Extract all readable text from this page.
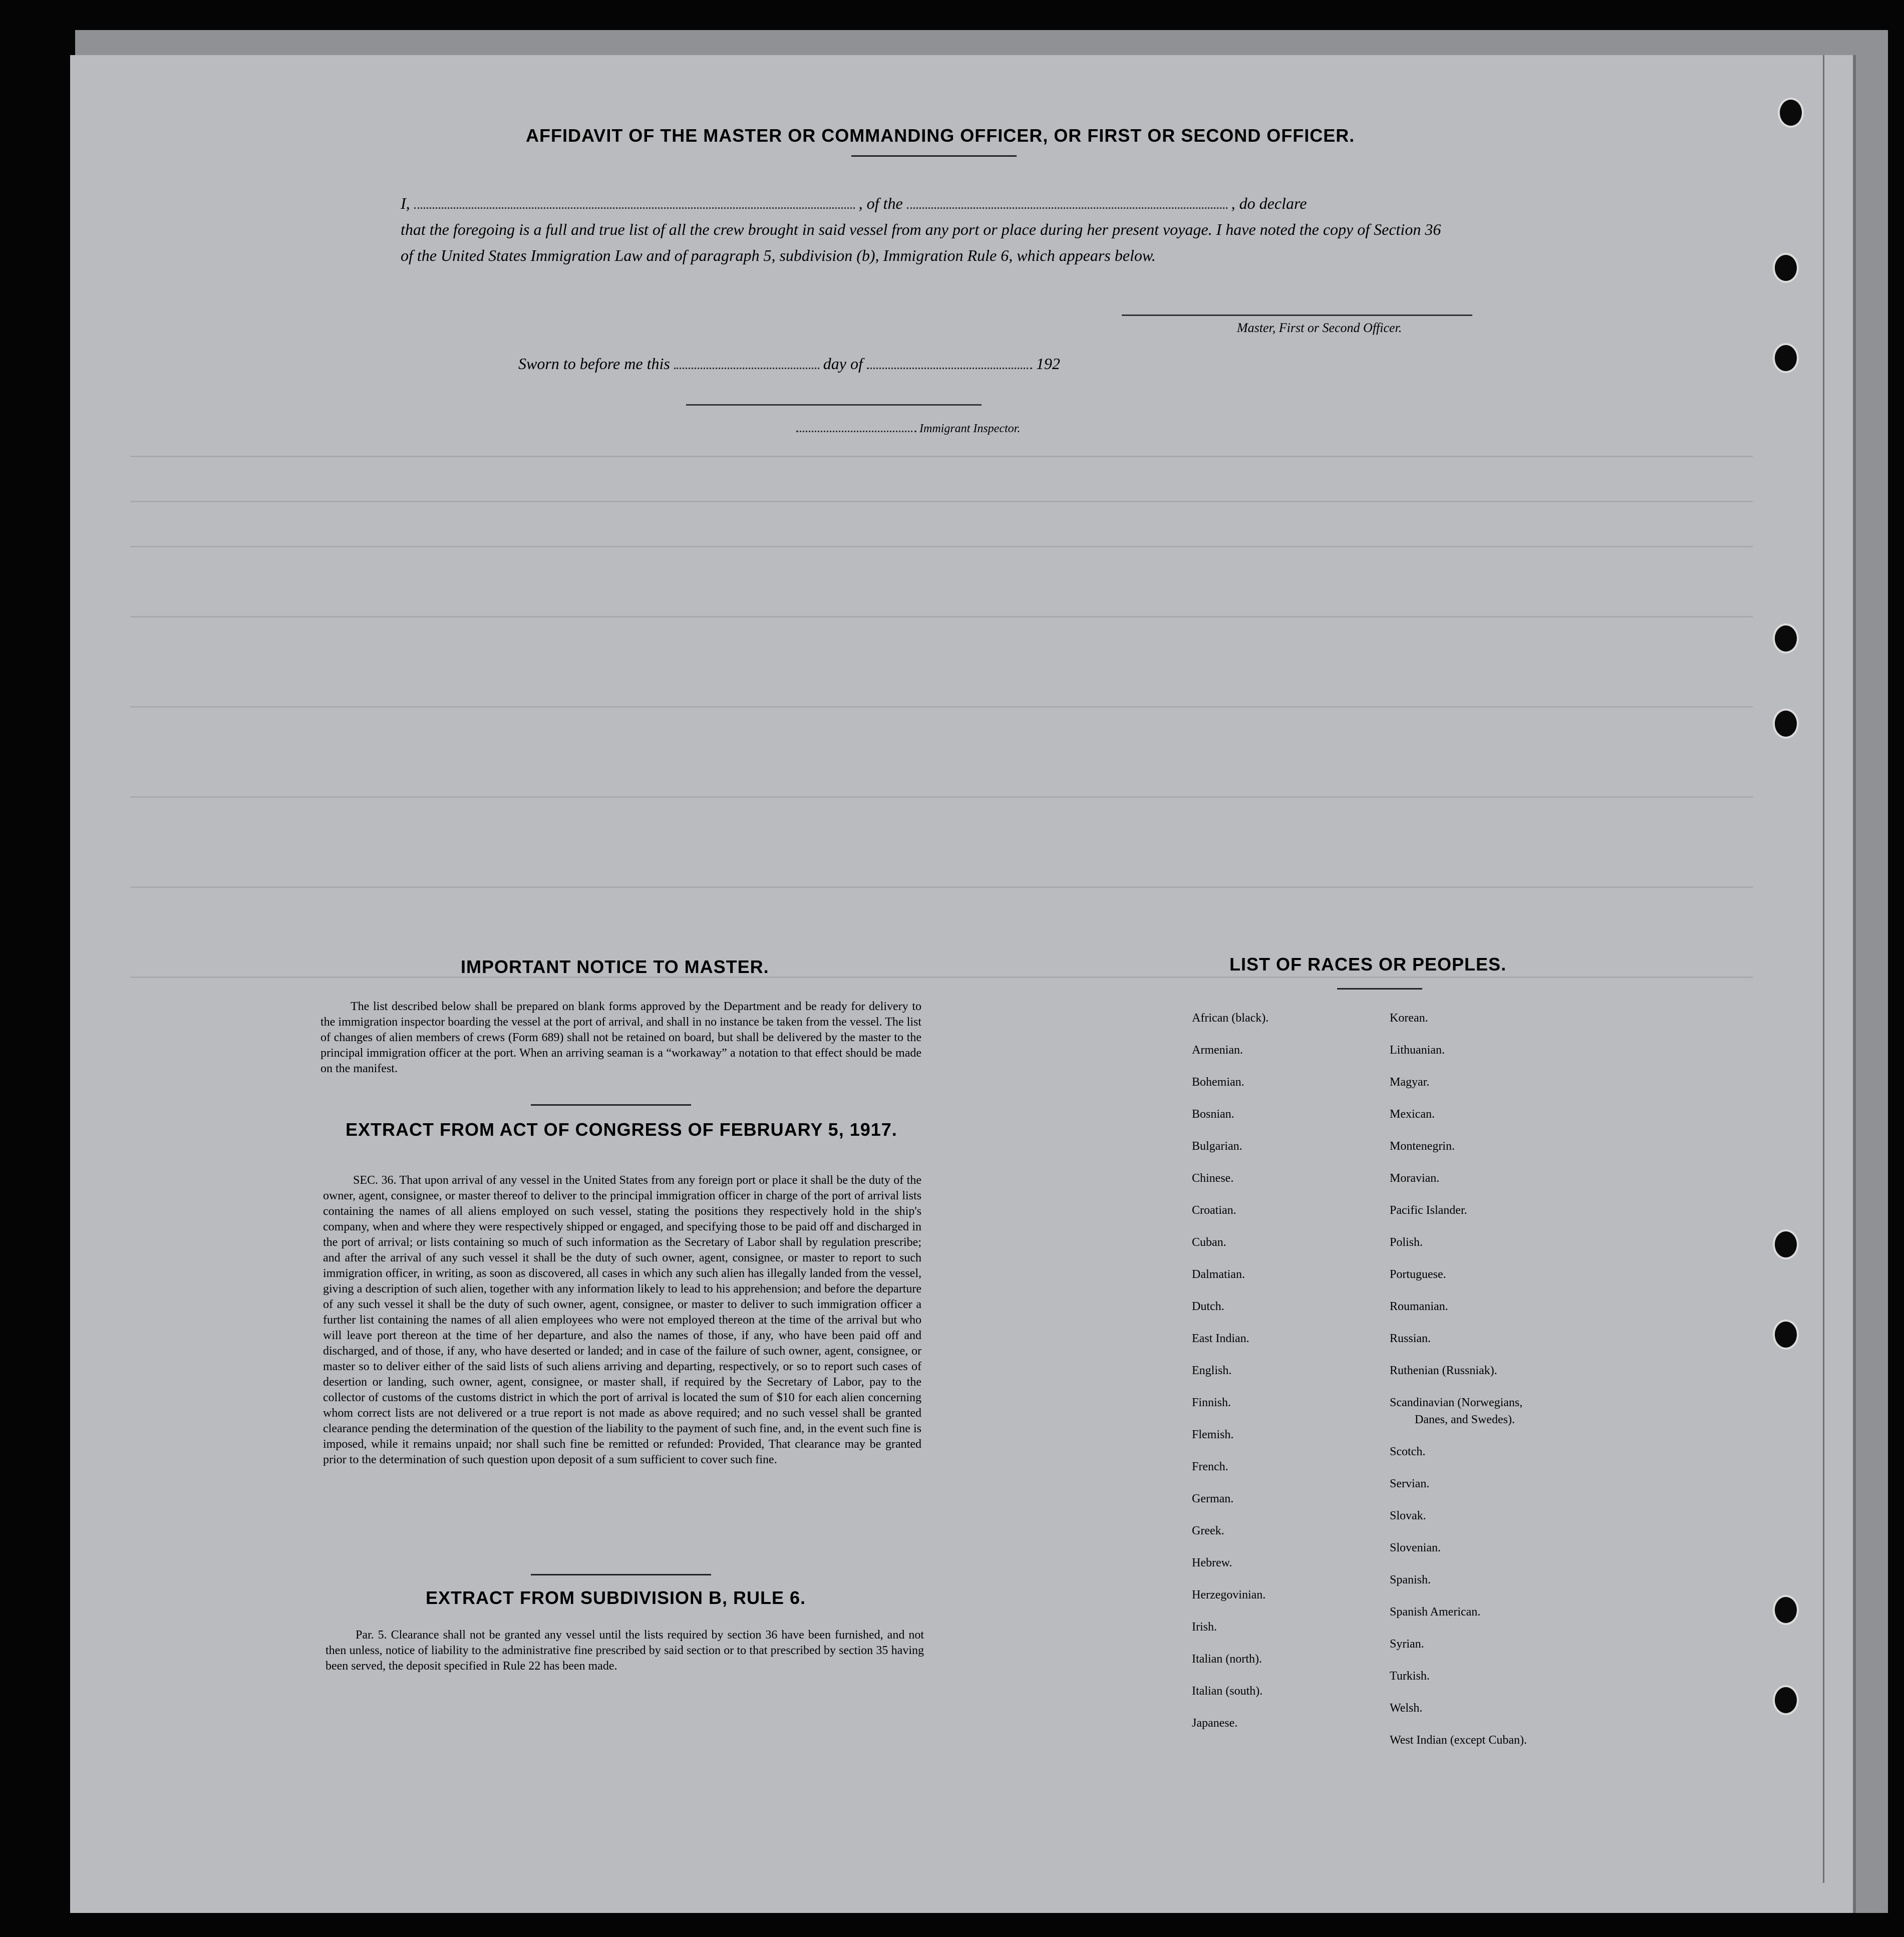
AFFIDAVIT OF THE MASTER OR COMMANDING OFFICER, OR FIRST OR SECOND OFFICER.
I,	, of the	, do declare
that the foregoing is a full and true list of all the crew brought in said vessel from any port or place during her present voyage. I have noted the copy of Section 36 of the United States Immigration Law and of paragraph 5, subdivision (b), Immigration Rule 6, which appears below.
Master, First or Second Officer.
Sworn to before me this	day of	192
Immigrant Inspector.
IMPORTANT NOTICE TO MASTER.
The list described below shall be prepared on blank forms approved by the Department and be ready for delivery to the immigration inspector boarding the vessel at the port of arrival, and shall in no instance be taken from the vessel. The list of changes of alien members of crews (Form 689) shall not be retained on board, but shall be delivered by the master to the principal immigration officer at the port. When an arriving seaman is a “workaway” a notation to that effect should be made on the manifest.
EXTRACT FROM ACT OF CONGRESS OF FEBRUARY 5, 1917.
SEC. 36. That upon arrival of any vessel in the United States from any foreign port or place it shall be the duty of the owner, agent, consignee, or master thereof to deliver to the principal immigration officer in charge of the port of arrival lists containing the names of all aliens employed on such vessel, stating the positions they respectively hold in the ship's company, when and where they were respectively shipped or engaged, and specifying those to be paid off and discharged in the port of arrival; or lists containing so much of such information as the Secretary of Labor shall by regulation prescribe; and after the arrival of any such vessel it shall be the duty of such owner, agent, consignee, or master to report to such immigration officer, in writing, as soon as discovered, all cases in which any such alien has illegally landed from the vessel, giving a description of such alien, together with any information likely to lead to his apprehension; and before the departure of any such vessel it shall be the duty of such owner, agent, consignee, or master to deliver to such immigration officer a further list containing the names of all alien employees who were not employed thereon at the time of the arrival but who will leave port thereon at the time of her departure, and also the names of those, if any, who have been paid off and discharged, and of those, if any, who have deserted or landed; and in case of the failure of such owner, agent, consignee, or master so to deliver either of the said lists of such aliens arriving and departing, respectively, or so to report such cases of desertion or landing, such owner, agent, consignee, or master shall, if required by the Secretary of Labor, pay to the collector of customs of the customs district in which the port of arrival is located the sum of $10 for each alien concerning whom correct lists are not delivered or a true report is not made as above required; and no such vessel shall be granted clearance pending the determination of the question of the liability to the payment of such fine, and, in the event such fine is imposed, while it remains unpaid; nor shall such fine be remitted or refunded: Provided, That clearance may be granted prior to the determination of such question upon deposit of a sum sufficient to cover such fine.
EXTRACT FROM SUBDIVISION B, RULE 6.
Par. 5. Clearance shall not be granted any vessel until the lists required by section 36 have been furnished, and not then unless, notice of liability to the administrative fine prescribed by said section or to that prescribed by section 35 having been served, the deposit specified in Rule 22 has been made.
LIST OF RACES OR PEOPLES.
African (black).
Armenian.
Bohemian.
Bosnian.
Bulgarian.
Chinese.
Croatian.
Cuban.
Dalmatian.
Dutch.
East Indian.
English.
Finnish.
Flemish.
French.
German.
Greek.
Hebrew.
Herzegovinian.
Irish.
Italian (north).
Italian (south).
Japanese.
Korean.
Lithuanian.
Magyar.
Mexican.
Montenegrin.
Moravian.
Pacific Islander.
Polish.
Portuguese.
Roumanian.
Russian.
Ruthenian (Russniak).
Scandinavian (Norwegians,
Danes, and Swedes).
Scotch.
Servian.
Slovak.
Slovenian.
Spanish.
Spanish American.
Syrian.
Turkish.
Welsh.
West Indian (except Cuban).
